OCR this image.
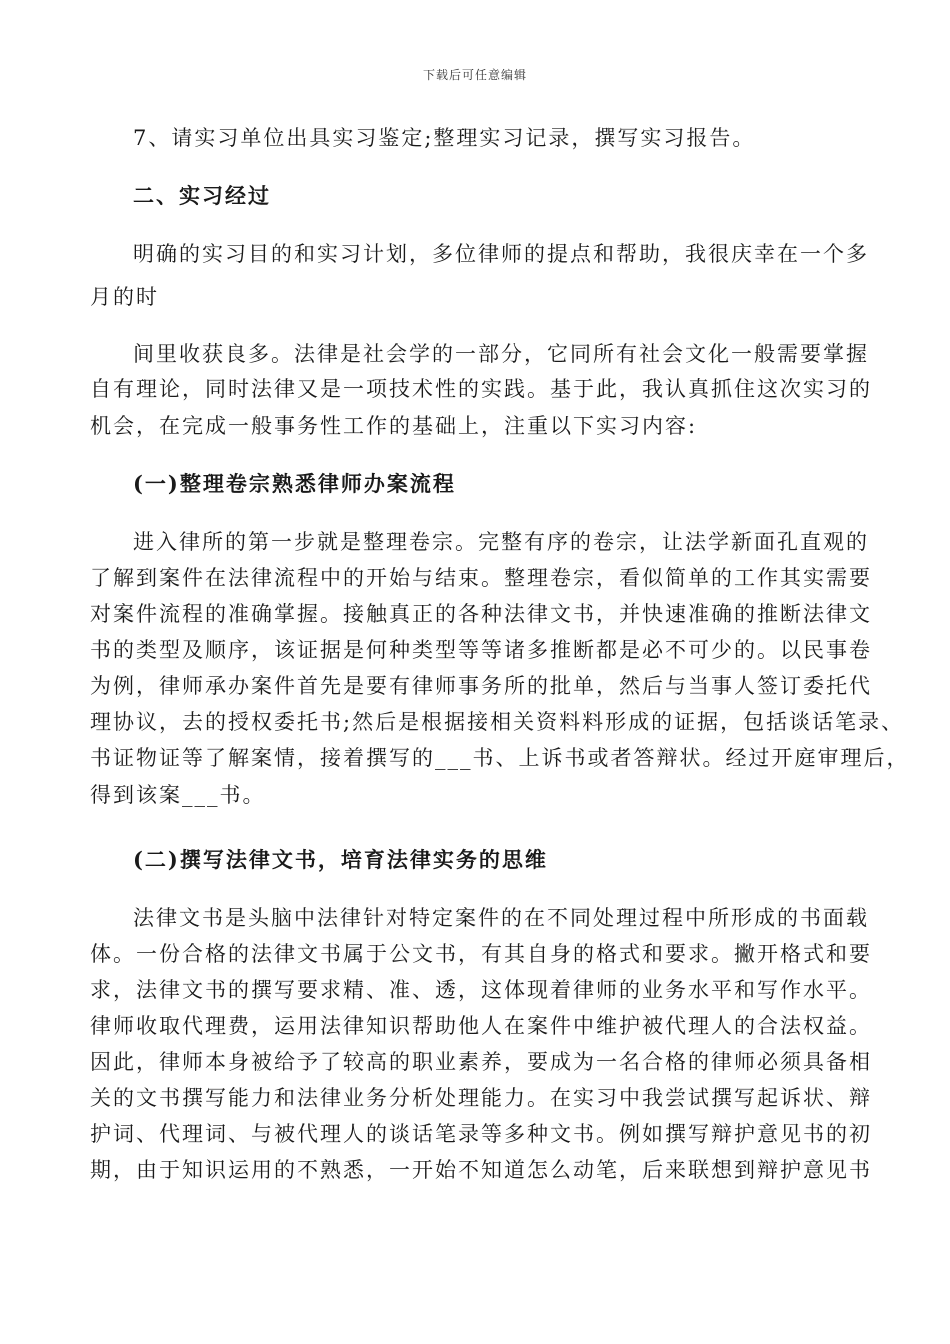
下载后可任意编辑
7、请实习单位出具实习鉴定;整理实习记录，撰写实习报告。
二、实习经过
明确的实习目的和实习计划，多位律师的提点和帮助，我很庆幸在一个多
月的时
间里收获良多。法律是社会学的一部分，它同所有社会文化一般需要掌握
自有理论，同时法律又是一项技术性的实践。基于此，我认真抓住这次实习的
机会，在完成一般事务性工作的基础上，注重以下实习内容:
(一)整理卷宗熟悉律师办案流程
进入律所的第一步就是整理卷宗。完整有序的卷宗，让法学新面孔直观的
了解到案件在法律流程中的开始与结束。整理卷宗，看似简单的工作其实需要
对案件流程的准确掌握。接触真正的各种法律文书，并快速准确的推断法律文
书的类型及顺序，该证据是何种类型等等诸多推断都是必不可少的。以民事卷
为例，律师承办案件首先是要有律师事务所的批单，然后与当事人签订委托代
理协议，去的授权委托书;然后是根据接相关资料料形成的证据，包括谈话笔录、
书证物证等了解案情，接着撰写的___书、上诉书或者答辩状。经过开庭审理后，
得到该案___书。
(二)撰写法律文书，培育法律实务的思维
法律文书是头脑中法律针对特定案件的在不同处理过程中所形成的书面载
体。一份合格的法律文书属于公文书，有其自身的格式和要求。撇开格式和要
求，法律文书的撰写要求精、准、透，这体现着律师的业务水平和写作水平。
律师收取代理费，运用法律知识帮助他人在案件中维护被代理人的合法权益。
因此，律师本身被给予了较高的职业素养，要成为一名合格的律师必须具备相
关的文书撰写能力和法律业务分析处理能力。在实习中我尝试撰写起诉状、辩
护词、代理词、与被代理人的谈话笔录等多种文书。例如撰写辩护意见书的初
期，由于知识运用的不熟悉，一开始不知道怎么动笔，后来联想到辩护意见书
